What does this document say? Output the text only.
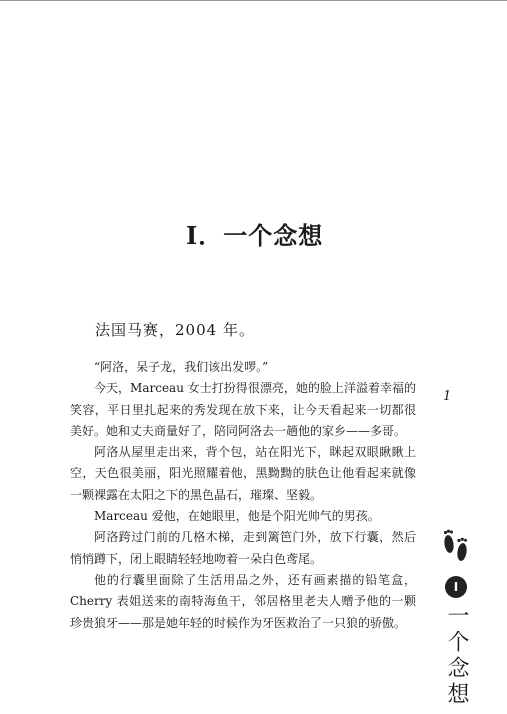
I．一个念想
法国马赛，2004 年。

“阿洛，呆子龙，我们该出发啰。”

今天，Marceau 女士打扮得很漂亮，她的脸上洋溢着幸福的笑容，平日里扎起来的秀发现在放下来，让今天看起来一切都很美好。她和丈夫商量好了，陪同阿洛去一趟他的家乡——多哥。

阿洛从屋里走出来，背个包，站在阳光下，眯起双眼瞅瞅上空，天色很美丽，阳光照耀着他，黑黝黝的肤色让他看起来就像一颗裸露在太阳之下的黑色晶石，璀璨、坚毅。

Marceau 爱他，在她眼里，他是个阳光帅气的男孩。

阿洛跨过门前的几格木梯，走到篱笆门外，放下行囊，然后悄悄蹲下，闭上眼睛轻轻地吻着一朵白色鸢尾。

他的行囊里面除了生活用品之外，还有画素描的铅笔盒，Cherry 表姐送来的南特海鱼干，邻居格里老夫人赠予他的一颗珍贵狼牙——那是她年轻的时候作为牙医救治了一只狼的骄傲。

1
I
一个念想
